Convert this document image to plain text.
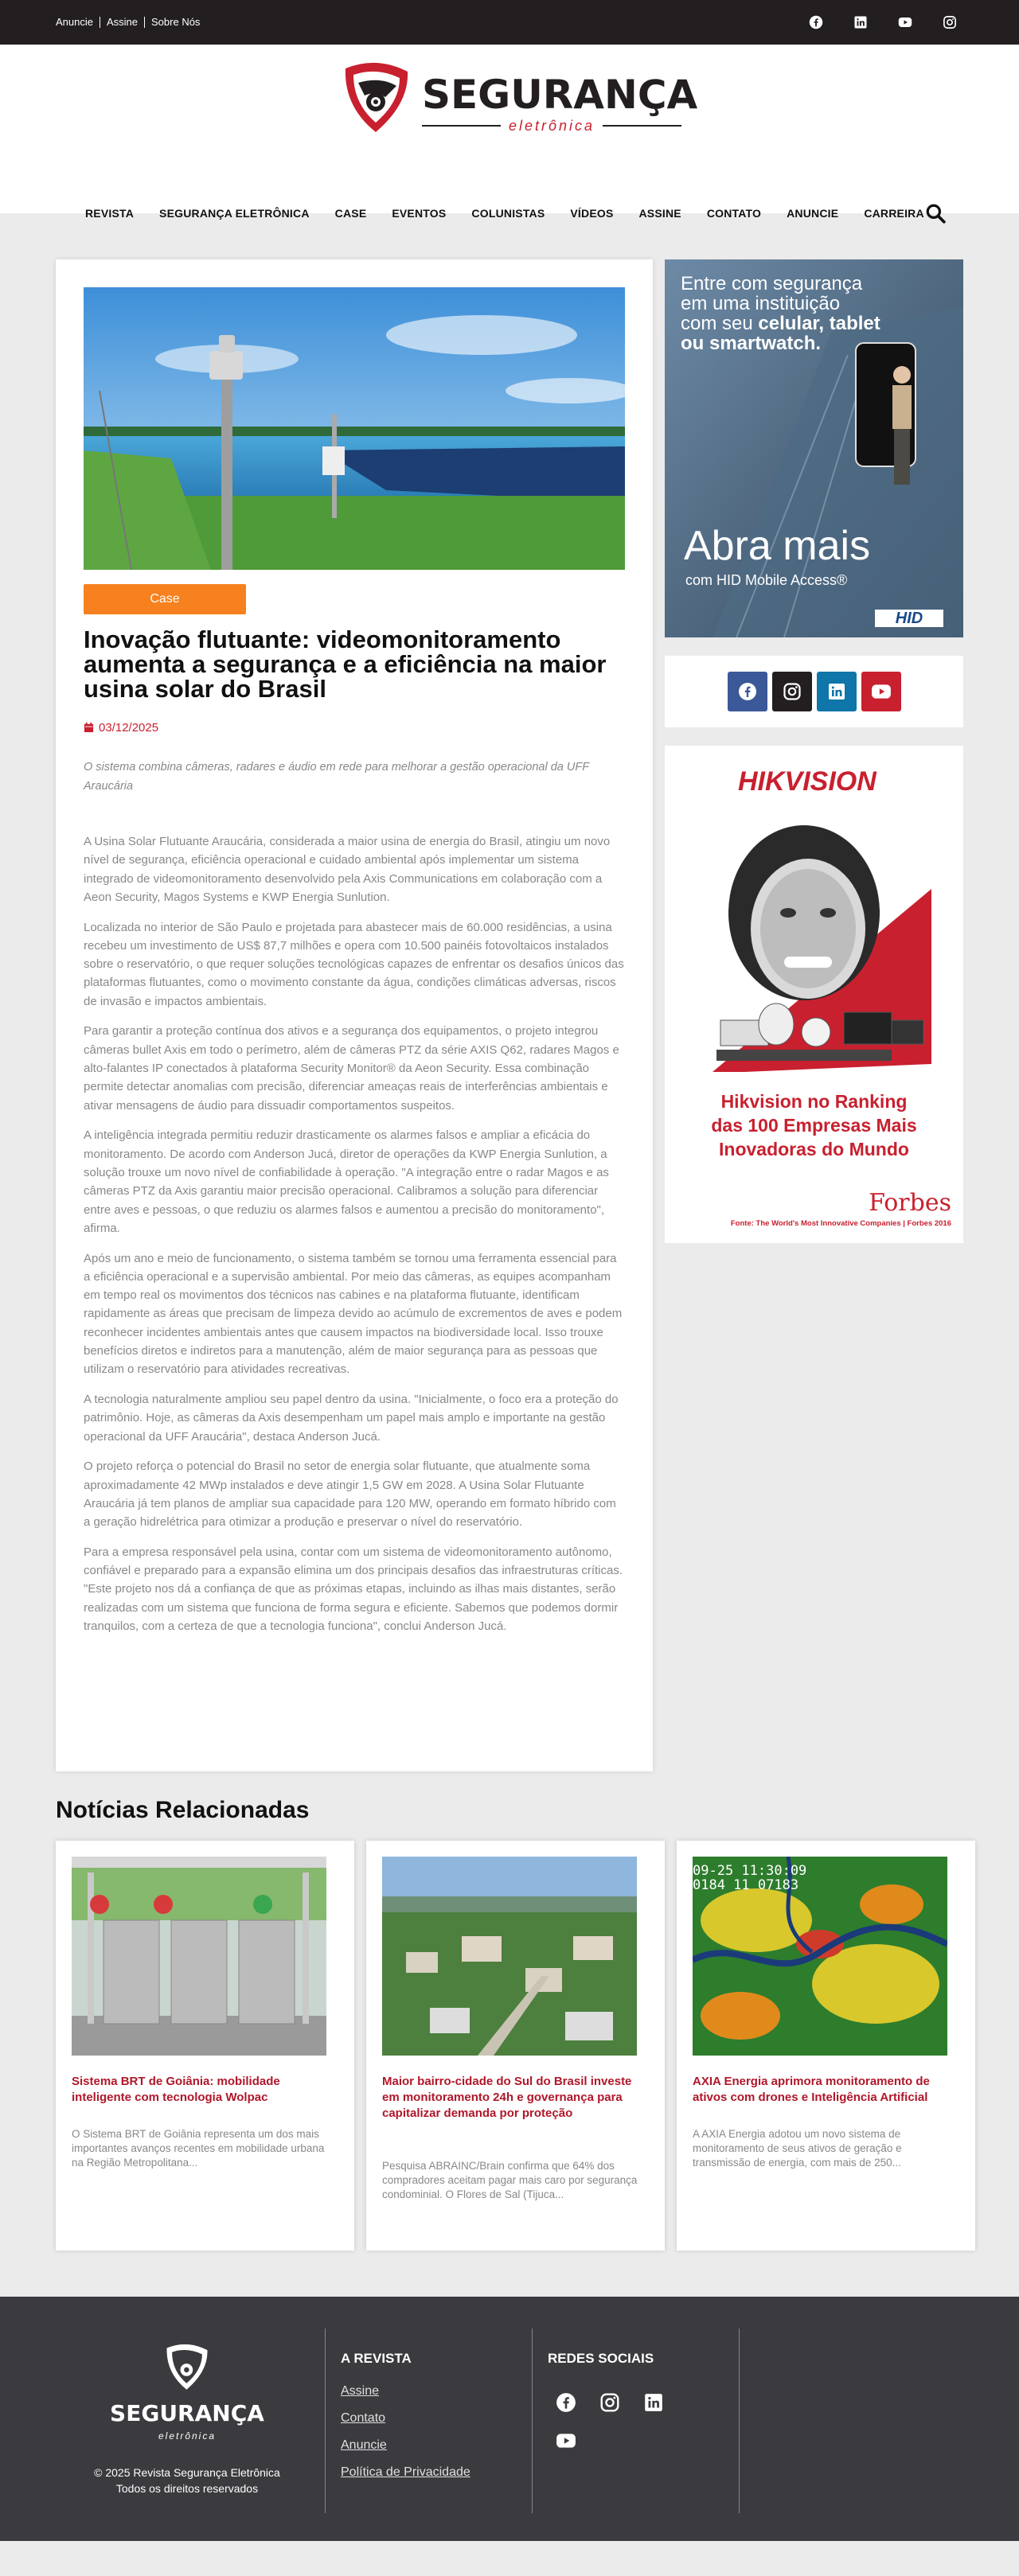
Anuncie	Assine	Sobre Nós
SEGURANÇA
eletrônica
REVISTA SEGURANÇA ELETRÔNICA CASE EVENTOS COLUNISTAS VÍDEOS ASSINE CONTATO ANUNCIE CARREIRA
Case
Inovação flutuante: videomonitoramento aumenta a segurança e a eficiência na maior usina solar do Brasil
03/12/2025

O sistema combina câmeras, radares e áudio em rede para melhorar a gestão operacional da UFF Araucária

A Usina Solar Flutuante Araucária, considerada a maior usina de energia do Brasil, atingiu um novo nível de segurança, eficiência operacional e cuidado ambiental após implementar um sistema integrado de videomonitoramento desenvolvido pela Axis Communications em colaboração com a Aeon Security, Magos Systems e KWP Energia Sunlution.

Localizada no interior de São Paulo e projetada para abastecer mais de 60.000 residências, a usina recebeu um investimento de US$ 87,7 milhões e opera com 10.500 painéis fotovoltaicos instalados sobre o reservatório, o que requer soluções tecnológicas capazes de enfrentar os desafios únicos das plataformas flutuantes, como o movimento constante da água, condições climáticas adversas, riscos de invasão e impactos ambientais.

Para garantir a proteção contínua dos ativos e a segurança dos equipamentos, o projeto integrou câmeras bullet Axis em todo o perímetro, além de câmeras PTZ da série AXIS Q62, radares Magos e alto-falantes IP conectados à plataforma Security Monitor® da Aeon Security. Essa combinação permite detectar anomalias com precisão, diferenciar ameaças reais de interferências ambientais e ativar mensagens de áudio para dissuadir comportamentos suspeitos.

A inteligência integrada permitiu reduzir drasticamente os alarmes falsos e ampliar a eficácia do monitoramento. De acordo com Anderson Jucá, diretor de operações da KWP Energia Sunlution, a solução trouxe um novo nível de confiabilidade à operação. "A integração entre o radar Magos e as câmeras PTZ da Axis garantiu maior precisão operacional. Calibramos a solução para diferenciar entre aves e pessoas, o que reduziu os alarmes falsos e aumentou a precisão do monitoramento", afirma.

Após um ano e meio de funcionamento, o sistema também se tornou uma ferramenta essencial para a eficiência operacional e a supervisão ambiental. Por meio das câmeras, as equipes acompanham em tempo real os movimentos dos técnicos nas cabines e na plataforma flutuante, identificam rapidamente as áreas que precisam de limpeza devido ao acúmulo de excrementos de aves e podem reconhecer incidentes ambientais antes que causem impactos na biodiversidade local. Isso trouxe benefícios diretos e indiretos para a manutenção, além de maior segurança para as pessoas que utilizam o reservatório para atividades recreativas.

A tecnologia naturalmente ampliou seu papel dentro da usina. "Inicialmente, o foco era a proteção do patrimônio. Hoje, as câmeras da Axis desempenham um papel mais amplo e importante na gestão operacional da UFF Araucária", destaca Anderson Jucá.

O projeto reforça o potencial do Brasil no setor de energia solar flutuante, que atualmente soma aproximadamente 42 MWp instalados e deve atingir 1,5 GW em 2028. A Usina Solar Flutuante Araucária já tem planos de ampliar sua capacidade para 120 MW, operando em formato híbrido com a geração hidrelétrica para otimizar a produção e preservar o nível do reservatório.

Para a empresa responsável pela usina, contar com um sistema de videomonitoramento autônomo, confiável e preparado para a expansão elimina um dos principais desafios das infraestruturas críticas. "Este projeto nos dá a confiança de que as próximas etapas, incluindo as ilhas mais distantes, serão realizadas com um sistema que funciona de forma segura e eficiente. Sabemos que podemos dormir tranquilos, com a certeza de que a tecnologia funciona", conclui Anderson Jucá.

Entre com segurança
em uma instituição
com seu celular, tablet
ou smartwatch.
Abra mais
com HID Mobile Access®
HID
HIKVISION
Hikvision no Ranking
das 100 Empresas Mais
Inovadoras do Mundo
Forbes
Fonte: The World's Most Innovative Companies | Forbes 2016
Notícias Relacionadas
Sistema BRT de Goiânia: mobilidade inteligente com tecnologia Wolpac
O Sistema BRT de Goiânia representa um dos mais importantes avanços recentes em mobilidade urbana na Região Metropolitana...
Maior bairro-cidade do Sul do Brasil investe em monitoramento 24h e governança para capitalizar demanda por proteção
Pesquisa ABRAINC/Brain confirma que 64% dos compradores aceitam pagar mais caro por segurança condominial. O Flores de Sal (Tijuca...
09-25 11:30:09
0184 11 07183
AXIA Energia aprimora monitoramento de ativos com drones e Inteligência Artificial
A AXIA Energia adotou um novo sistema de monitoramento de seus ativos de geração e transmissão de energia, com mais de 250...
SEGURANÇA
eletrônica
© 2025 Revista Segurança Eletrônica
Todos os direitos reservados
A REVISTA
Assine
Contato
Anuncie
Política de Privacidade
REDES SOCIAIS
